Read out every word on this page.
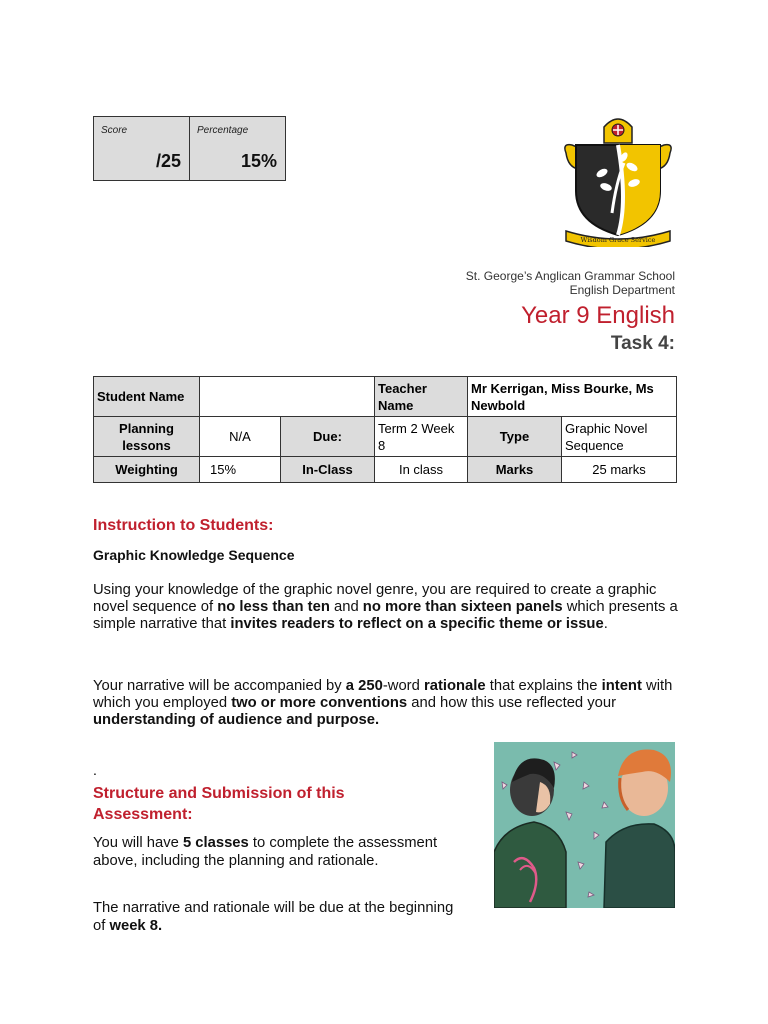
Score
/25
Percentage
15%
Wisdom Grace Service
St. George’s Anglican Grammar School
English Department
Year 9 English
Task 4:
Student Name			Teacher Name	Mr Kerrigan, Miss Bourke, Ms Newbold	
Planning lessons	N/A	Due:	Term 2 Week 8	Type	Graphic Novel Sequence
Weighting	15%	In-Class	In class	Marks	25 marks
Instruction to Students:
Graphic Knowledge Sequence

Using your knowledge of the graphic novel genre, you are required to create a graphic novel sequence of no less than ten and no more than sixteen panels which presents a simple narrative that invites readers to reflect on a specific theme or issue.

Your narrative will be accompanied by a 250-word rationale that explains the intent with which you employed two or more conventions and how this use reflected your understanding of audience and purpose.

.
Structure and Submission of this
Assessment:

You will have 5 classes to complete the assessment above, including the planning and rationale.

The narrative and rationale will be due at the beginning of week 8.
